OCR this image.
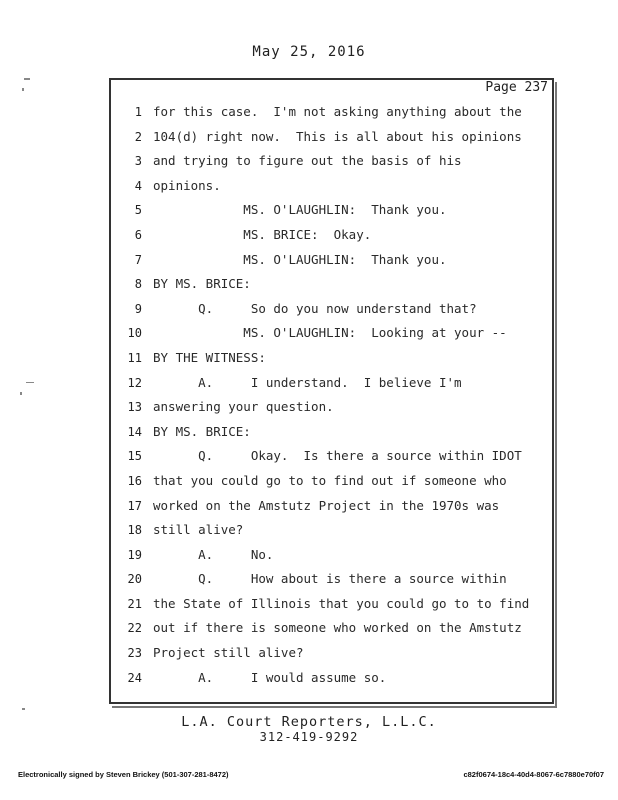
May 25, 2016
Page 237
1
2
3
4
5
6
7
8
9
10
11
12
13
14
15
16
17
18
19
20
21
22
23
24
for this case.  I'm not asking anything about the
104(d) right now.  This is all about his opinions
and trying to figure out the basis of his
opinions.
MS. O'LAUGHLIN:  Thank you.
MS. BRICE:  Okay.
MS. O'LAUGHLIN:  Thank you.
BY MS. BRICE:
Q.     So do you now understand that?
MS. O'LAUGHLIN:  Looking at your --
BY THE WITNESS:
A.     I understand.  I believe I'm
answering your question.
BY MS. BRICE:
Q.     Okay.  Is there a source within IDOT
that you could go to to find out if someone who
worked on the Amstutz Project in the 1970s was
still alive?
A.     No.
Q.     How about is there a source within
the State of Illinois that you could go to to find
out if there is someone who worked on the Amstutz
Project still alive?
A.     I would assume so.
L.A. Court Reporters, L.L.C.
312-419-9292
Electronically signed by Steven Brickey (501-307-281-8472)	c82f0674-18c4-40d4-8067-6c7880e70f07
